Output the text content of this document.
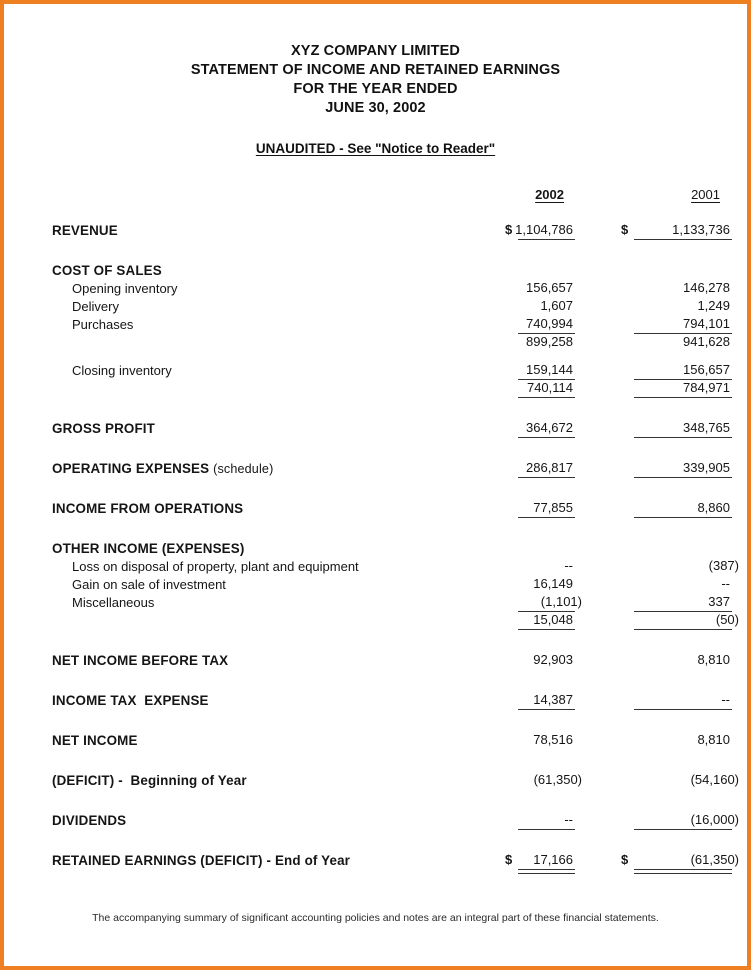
XYZ COMPANY LIMITED
STATEMENT OF INCOME AND RETAINED EARNINGS
FOR THE YEAR ENDED
JUNE 30, 2002
UNAUDITED - See "Notice to Reader"
	2002	2001

REVENUE	$ 1,104,786	$ 1,133,736

COST OF SALES		
Opening inventory	156,657	146,278
Delivery	1,607	1,249
Purchases	740,994	794,101

	899,258	941,628

Closing inventory	159,144	156,657

	740,114	784,971

GROSS PROFIT	364,672	348,765

OPERATING EXPENSES (schedule)	286,817	339,905

INCOME FROM OPERATIONS	77,855	8,860

OTHER INCOME (EXPENSES)		
Loss on disposal of property, plant and equipment	--	(387)
Gain on sale of investment	16,149	--
Miscellaneous	(1,101)	337

	15,048	(50)

NET INCOME BEFORE TAX	92,903	8,810

INCOME TAX  EXPENSE	14,387	--

NET INCOME	78,516	8,810

(DEFICIT) -  Beginning of Year	(61,350)	(54,160)

DIVIDENDS	--	(16,000)

RETAINED EARNINGS (DEFICIT) - End of Year	$ 17,166	$ (61,350)
The accompanying summary of significant accounting policies and notes are an integral part of these financial statements.
